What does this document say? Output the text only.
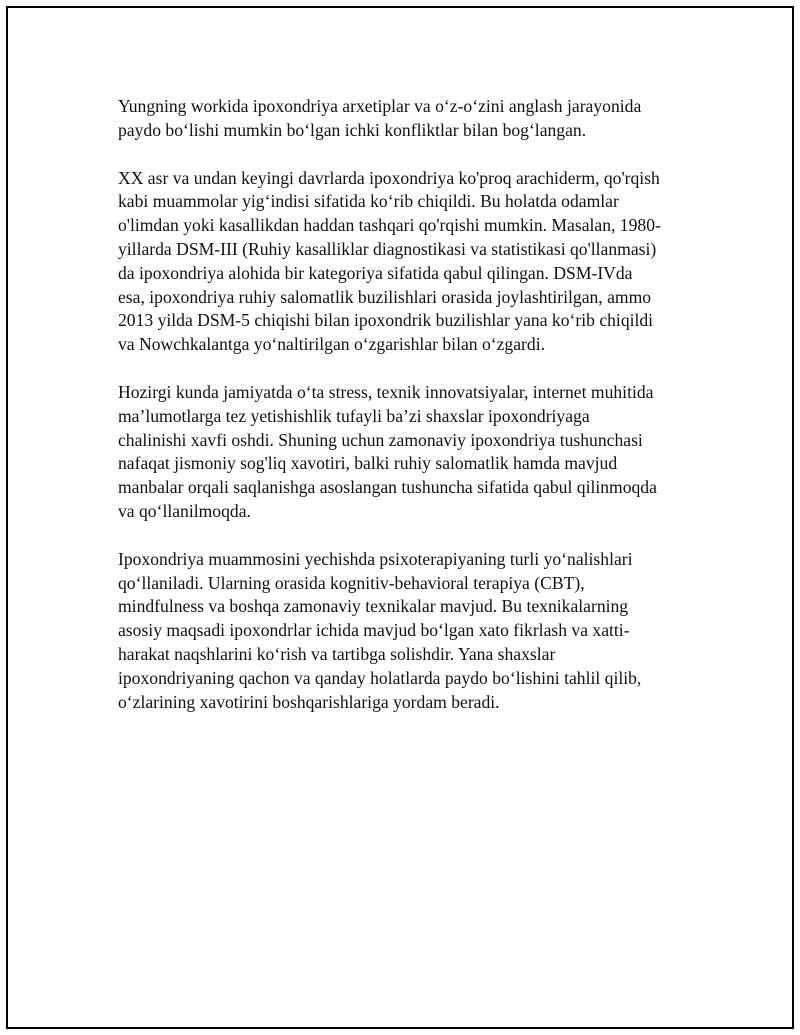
Yungning workida ipoxondriya arxetiplar va o‘z-o‘zini anglash jarayonida
paydo bo‘lishi mumkin bo‘lgan ichki konfliktlar bilan bog‘langan.

XX asr va undan keyingi davrlarda ipoxondriya ko'proq arachiderm, qo'rqish
kabi muammolar yig‘indisi sifatida ko‘rib chiqildi. Bu holatda odamlar
o'limdan yoki kasallikdan haddan tashqari qo'rqishi mumkin. Masalan, 1980-
yillarda DSM-III (Ruhiy kasalliklar diagnostikasi va statistikasi qo'llanmasi)
da ipoxondriya alohida bir kategoriya sifatida qabul qilingan. DSM-IVda
esa, ipoxondriya ruhiy salomatlik buzilishlari orasida joylashtirilgan, ammo
2013 yilda DSM-5 chiqishi bilan ipoxondrik buzilishlar yana ko‘rib chiqildi
va Nowchkalantga yo‘naltirilgan o‘zgarishlar bilan o‘zgardi.

Hozirgi kunda jamiyatda o‘ta stress, texnik innovatsiyalar, internet muhitida
ma’lumotlarga tez yetishishlik tufayli ba’zi shaxslar ipoxondriyaga
chalinishi xavfi oshdi. Shuning uchun zamonaviy ipoxondriya tushunchasi
nafaqat jismoniy sog'liq xavotiri, balki ruhiy salomatlik hamda mavjud
manbalar orqali saqlanishga asoslangan tushuncha sifatida qabul qilinmoqda
va qo‘llanilmoqda.

Ipoxondriya muammosini yechishda psixoterapiyaning turli yo‘nalishlari
qo‘llaniladi. Ularning orasida kognitiv-behavioral terapiya (CBT),
mindfulness va boshqa zamonaviy texnikalar mavjud. Bu texnikalarning
asosiy maqsadi ipoxondrlar ichida mavjud bo‘lgan xato fikrlash va xatti-
harakat naqshlarini ko‘rish va tartibga solishdir. Yana shaxslar
ipoxondriyaning qachon va qanday holatlarda paydo bo‘lishini tahlil qilib,
o‘zlarining xavotirini boshqarishlariga yordam beradi.
